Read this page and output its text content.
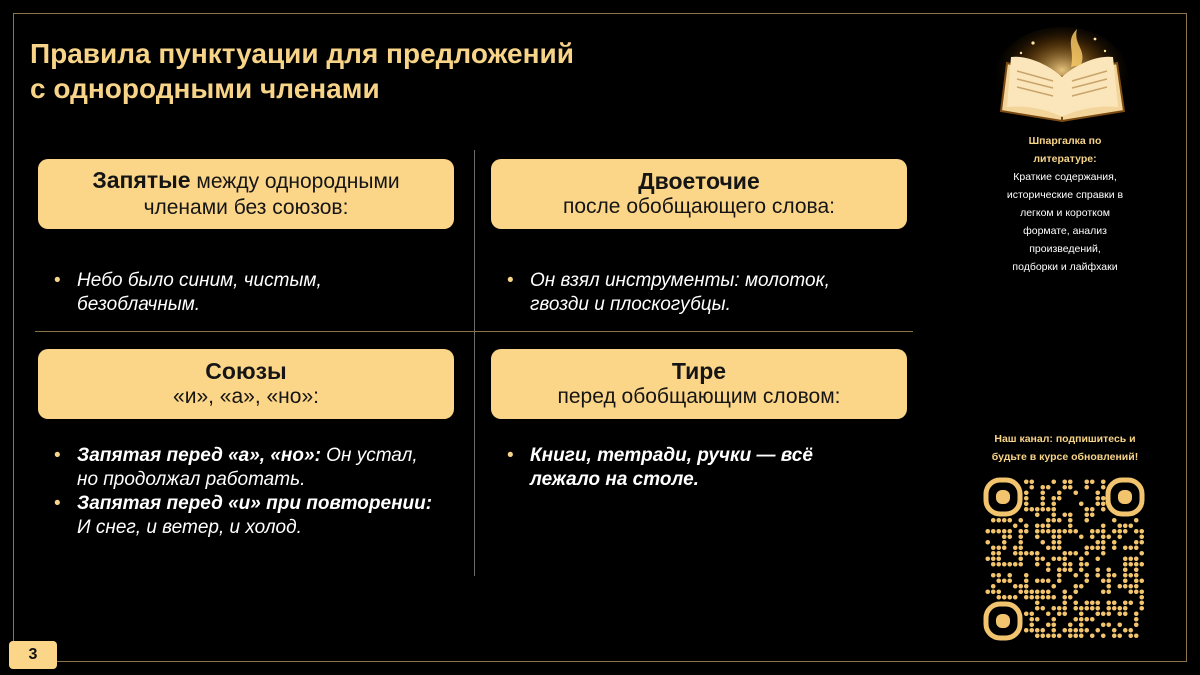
Правила пунктуации для предложений
с однородными членами
Запятые между однородными членами без союзов:
Двоеточие
после обобщающего слова:
Союзы
«и», «а», «но»:
Тире
перед обобщающим словом:
• Небо было синим, чистым, безоблачным.
• Он взял инструменты: молоток, гвозди и плоскогубцы.
• Запятая перед «а», «но»: Он устал, но продолжал работать.
• Запятая перед «и» при повторении: И снег, и ветер, и холод.
• Книги, тетради, ручки — всё лежало на столе.
Шпаргалка по
литературе:
Краткие содержания,
исторические справки в
легком и коротком
формате, анализ
произведений,
подборки и лайфхаки
Наш канал: подпишитесь и
будьте в курсе обновлений!
3
